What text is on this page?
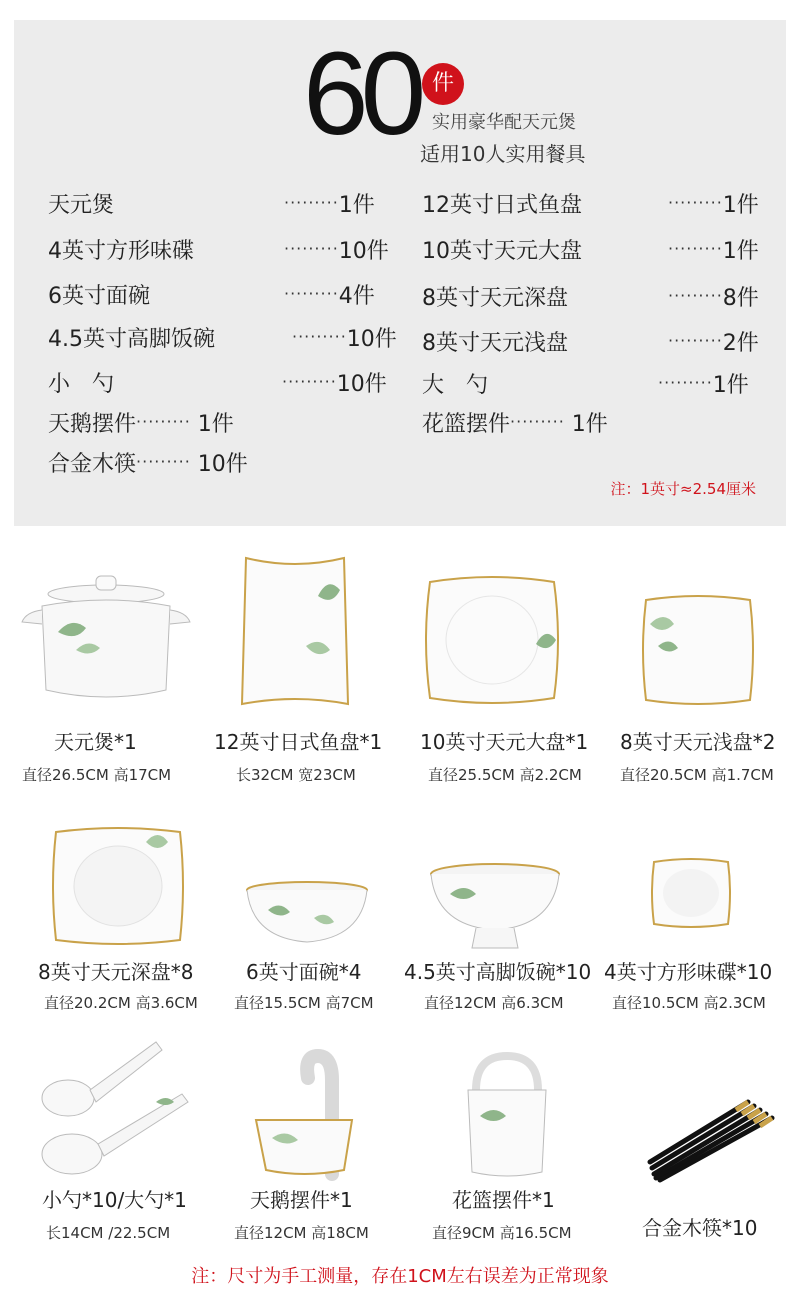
60 件
实用豪华配天元煲
适用10人实用餐具
天元煲	·········1件
4英寸方形味碟	·········10件
6英寸面碗	·········4件
4.5英寸高脚饭碗	·········10件
小　勺	·········10件
天鹅摆件········· 1件
合金木筷········· 10件
12英寸日式鱼盘	·········1件
10英寸天元大盘	·········1件
8英寸天元深盘	·········8件
8英寸天元浅盘	·········2件
大　勺	·········1件
花篮摆件········· 1件
注：1英寸≈2.54厘米
天元煲*1
直径26.5CM 高17CM
12英寸日式鱼盘*1
长32CM 宽23CM
10英寸天元大盘*1
直径25.5CM 高2.2CM
8英寸天元浅盘*2
直径20.5CM 高1.7CM
8英寸天元深盘*8
直径20.2CM 高3.6CM
6英寸面碗*4
直径15.5CM 高7CM
4.5英寸高脚饭碗*10
直径12CM 高6.3CM
4英寸方形味碟*10
直径10.5CM 高2.3CM
小勺*10/大勺*1
长14CM /22.5CM
天鹅摆件*1
直径12CM 高18CM
花篮摆件*1
直径9CM 高16.5CM	合金木筷*10
注：尺寸为手工测量，存在1CM左右误差为正常现象
